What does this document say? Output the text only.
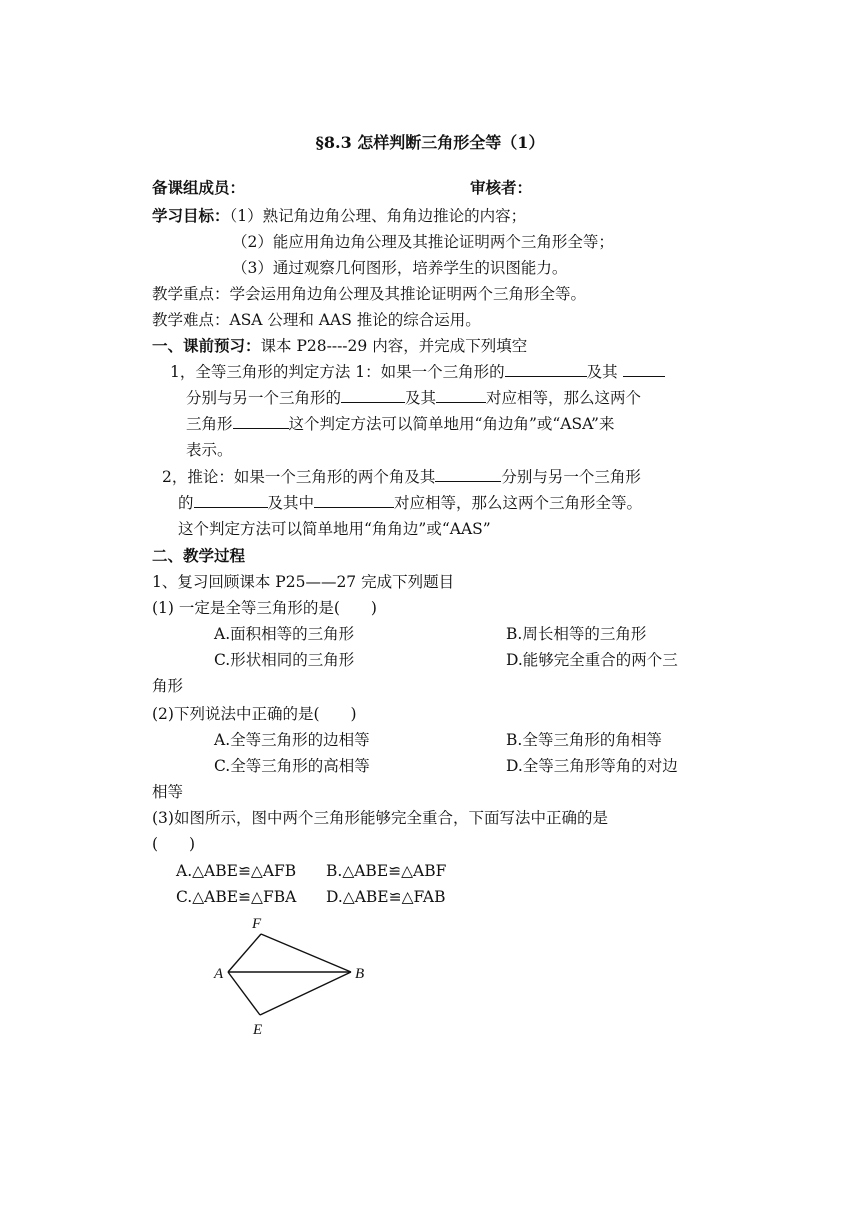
§8.3 怎样判断三角形全等（1）
备课组成员：	审核者：
学习目标：（1）熟记角边角公理、角角边推论的内容；
（2）能应用角边角公理及其推论证明两个三角形全等；
（3）通过观察几何图形，培养学生的识图能力。
教学重点：学会运用角边角公理及其推论证明两个三角形全等。
教学难点：ASA 公理和 AAS 推论的综合运用。
一、课前预习：课本 P28----29 内容，并完成下列填空
1，全等三角形的判定方法 1：如果一个三角形的	及其
分别与另一个三角形的	及其	对应相等，那么这两个
三角形	这个判定方法可以简单地用“角边角”或“ASA”来
表示。
2，推论：如果一个三角形的两个角及其	分别与另一个三角形
的	及其中	对应相等，那么这两个三角形全等。
这个判定方法可以简单地用“角角边”或“AAS”
二、教学过程
1、复习回顾课本 P25——27 完成下列题目
(1) 一定是全等三角形的是(　　)
A.面积相等的三角形	B.周长相等的三角形
C.形状相同的三角形	D.能够完全重合的两个三
角形
(2)下列说法中正确的是(　　)
A.全等三角形的边相等	B.全等三角形的角相等
C.全等三角形的高相等	D.全等三角形等角的对边
相等
(3)如图所示，图中两个三角形能够完全重合，下面写法中正确的是
(　　)
A.△ABE≌△AFB B.△ABE≌△ABF
C.△ABE≌△FBA D.△ABE≌△FAB
F
A	B
E
